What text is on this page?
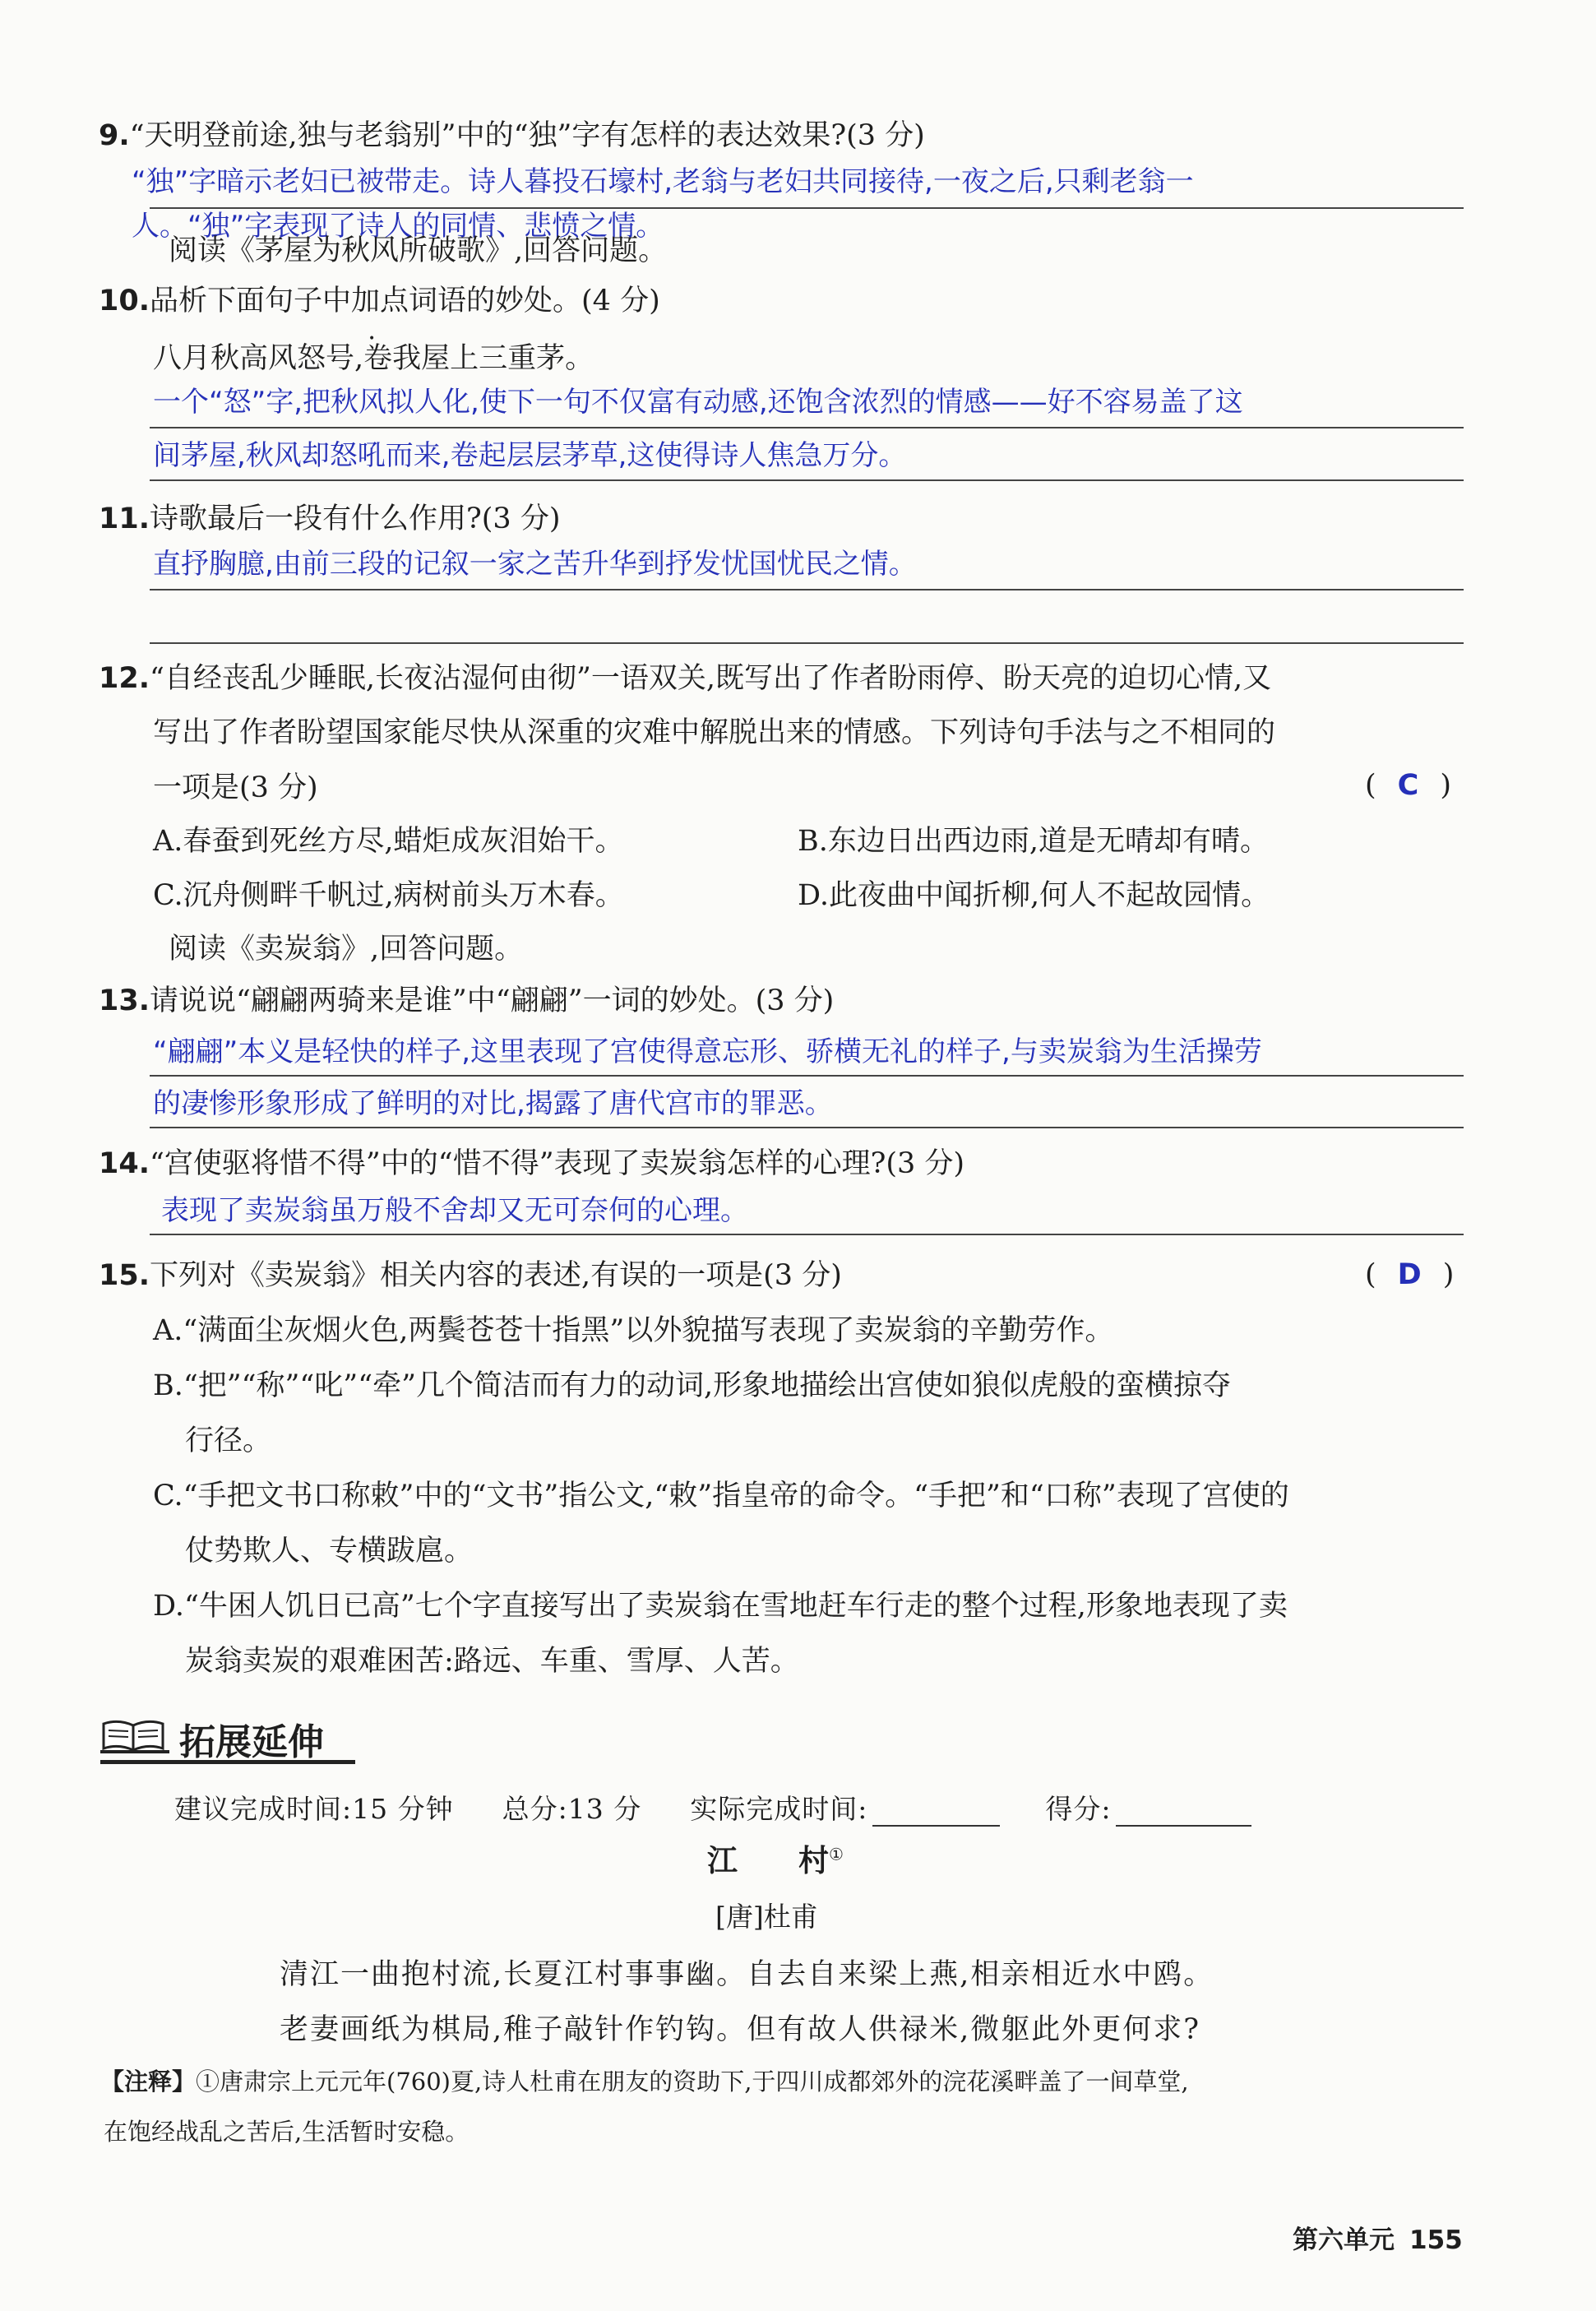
9.“天明登前途,独与老翁别”中的“独”字有怎样的表达效果?(3 分)
“独”字暗示老妇已被带走。诗人暮投石壕村,老翁与老妇共同接待,一夜之后,只剩老翁一
人。“独”字表现了诗人的同情、悲愤之情。
阅读《茅屋为秋风所破歌》,回答问题。
10.品析下面句子中加点词语的妙处。(4 分)
八月秋高风怒号,卷我屋上三重茅。
•
一个“怒”字,把秋风拟人化,使下一句不仅富有动感,还饱含浓烈的情感——好不容易盖了这
间茅屋,秋风却怒吼而来,卷起层层茅草,这使得诗人焦急万分。
11.诗歌最后一段有什么作用?(3 分)
直抒胸臆,由前三段的记叙一家之苦升华到抒发忧国忧民之情。
12.“自经丧乱少睡眠,长夜沾湿何由彻”一语双关,既写出了作者盼雨停、盼天亮的迫切心情,又
写出了作者盼望国家能尽快从深重的灾难中解脱出来的情感。下列诗句手法与之不相同的
一项是(3 分)	( C )
A.春蚕到死丝方尽,蜡炬成灰泪始干。	B.东边日出西边雨,道是无晴却有晴。
C.沉舟侧畔千帆过,病树前头万木春。	D.此夜曲中闻折柳,何人不起故园情。
阅读《卖炭翁》,回答问题。
13.请说说“翩翩两骑来是谁”中“翩翩”一词的妙处。(3 分)
“翩翩”本义是轻快的样子,这里表现了宫使得意忘形、骄横无礼的样子,与卖炭翁为生活操劳
的凄惨形象形成了鲜明的对比,揭露了唐代宫市的罪恶。
14.“宫使驱将惜不得”中的“惜不得”表现了卖炭翁怎样的心理?(3 分)
表现了卖炭翁虽万般不舍却又无可奈何的心理。
15.下列对《卖炭翁》相关内容的表述,有误的一项是(3 分)	( D )
A.“满面尘灰烟火色,两鬓苍苍十指黑”以外貌描写表现了卖炭翁的辛勤劳作。
B.“把”“称”“叱”“牵”几个简洁而有力的动词,形象地描绘出宫使如狼似虎般的蛮横掠夺
行径。
C.“手把文书口称敕”中的“文书”指公文,“敕”指皇帝的命令。“手把”和“口称”表现了宫使的
仗势欺人、专横跋扈。
D.“牛困人饥日已高”七个字直接写出了卖炭翁在雪地赶车行走的整个过程,形象地表现了卖
炭翁卖炭的艰难困苦:路远、车重、雪厚、人苦。
拓展延伸
建议完成时间:15 分钟 总分:13 分 实际完成时间:	得分:
江　　村①
[唐]杜甫
清江一曲抱村流,长夏江村事事幽。自去自来梁上燕,相亲相近水中鸥。
老妻画纸为棋局,稚子敲针作钓钩。但有故人供禄米,微躯此外更何求?
【注释】①唐肃宗上元元年(760)夏,诗人杜甫在朋友的资助下,于四川成都郊外的浣花溪畔盖了一间草堂,
在饱经战乱之苦后,生活暂时安稳。
第六单元 155
